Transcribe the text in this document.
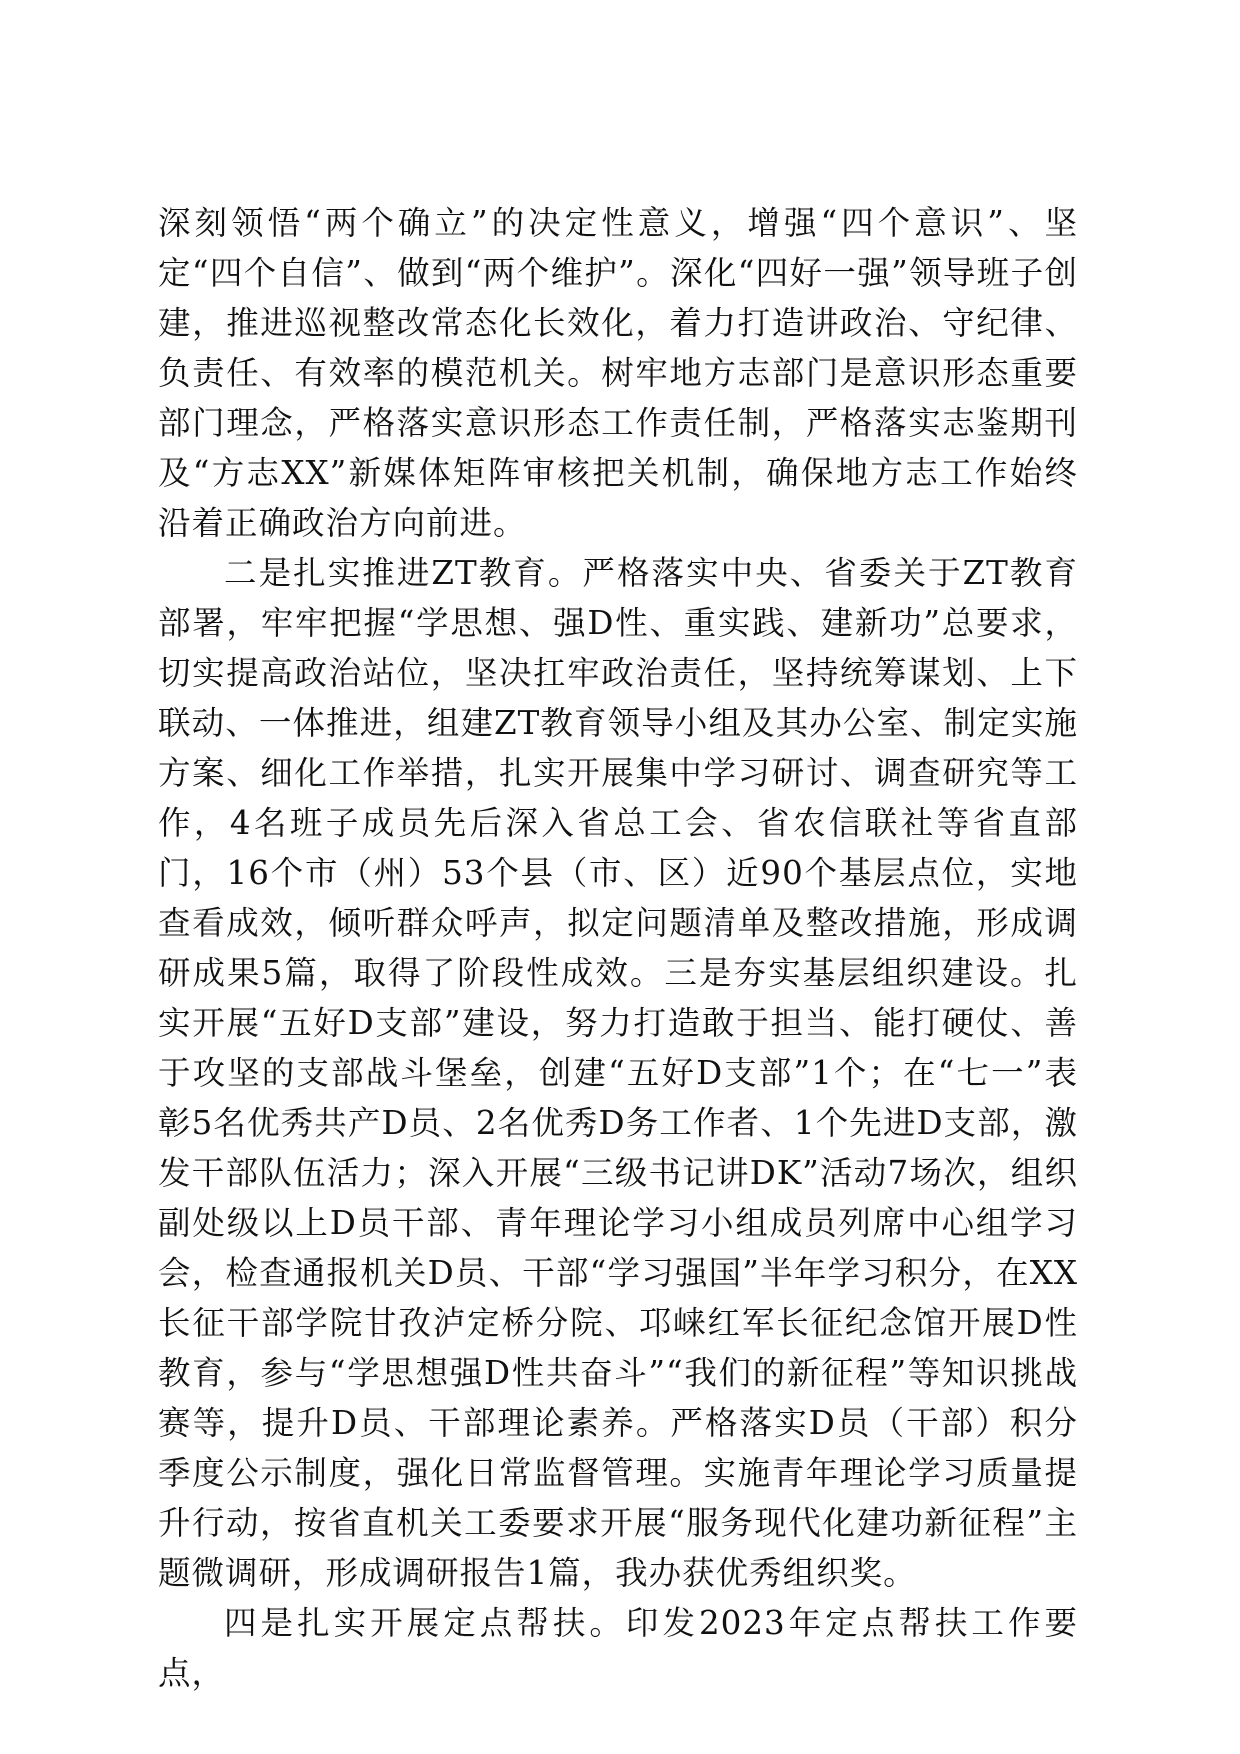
深刻领悟“两个确立”的决定性意义，增强“四个意识”、坚定“四个自信”、做到“两个维护”。深化“四好一强”领导班子创建，推进巡视整改常态化长效化，着力打造讲政治、守纪律、负责任、有效率的模范机关。树牢地方志部门是意识形态重要部门理念，严格落实意识形态工作责任制，严格落实志鉴期刊及“方志XX”新媒体矩阵审核把关机制，确保地方志工作始终沿着正确政治方向前进。

二是扎实推进ZT教育。严格落实中央、省委关于ZT教育部署，牢牢把握“学思想、强D性、重实践、建新功”总要求，切实提高政治站位，坚决扛牢政治责任，坚持统筹谋划、上下联动、一体推进，组建ZT教育领导小组及其办公室、制定实施方案、细化工作举措，扎实开展集中学习研讨、调查研究等工作，4名班子成员先后深入省总工会、省农信联社等省直部门，16个市（州）53个县（市、区）近90个基层点位，实地查看成效，倾听群众呼声，拟定问题清单及整改措施，形成调研成果5篇，取得了阶段性成效。三是夯实基层组织建设。扎实开展“五好D支部”建设，努力打造敢于担当、能打硬仗、善于攻坚的支部战斗堡垒，创建“五好D支部”1个；在“七一”表彰5名优秀共产D员、2名优秀D务工作者、1个先进D支部，激发干部队伍活力；深入开展“三级书记讲DK”活动7场次，组织副处级以上D员干部、青年理论学习小组成员列席中心组学习会，检查通报机关D员、干部“学习强国”半年学习积分，在XX长征干部学院甘孜泸定桥分院、邛崃红军长征纪念馆开展D性教育，参与“学思想强D性共奋斗”“我们的新征程”等知识挑战赛等，提升D员、干部理论素养。严格落实D员（干部）积分季度公示制度，强化日常监督管理。实施青年理论学习质量提升行动，按省直机关工委要求开展“服务现代化建功新征程”主题微调研，形成调研报告1篇，我办获优秀组织奖。

四是扎实开展定点帮扶。印发2023年定点帮扶工作要点，
